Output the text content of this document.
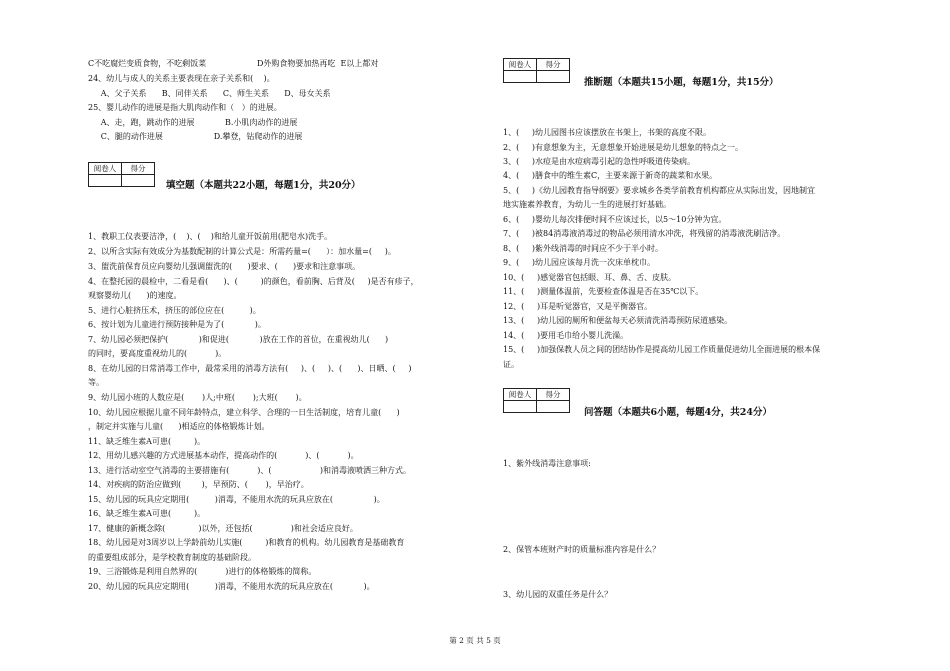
C不吃腐烂变质食物，不吃剩饭菜                    D外购食物要加热再吃  E以上都对
24、幼儿与成人的关系主要表现在亲子关系和(    )。
A、父子关系      B、同伴关系      C、师生关系      D、母女关系
25、婴儿动作的进展是指大肌肉动作和（   ）的进展。
A、走，跑，跳动作的进展            B.小肌肉动作的进展
C、腿的动作进展                    D.攀登，钻爬动作的进展
阅卷人	得分

填空题（本题共22小题，每题1分，共20分）
1、教职工仪表要洁净，(    )、(    )和给儿童开饭前用(肥皂水)洗手。
2、以所含实际有效成分为基数配制的计算公式是：所需药量=(      ）：加水量=(     )。
3、盥洗前保育员应向婴幼儿强调盥洗的(      )要求、(      )要求和注意事项。
4、在整托园的晨检中，二看是看(      )、(         )的颜色，看前胸、后背及(     )是否有疹子，
观察婴幼儿(      )的速度。
5、进行心脏挤压术，挤压的部位应在(          )。
6、按计划为儿童进行预防接种是为了(            )。
7、幼儿园必须把保护(            )和促进(            )放在工作的首位，在重视幼儿(      )
的同时，要高度重视幼儿的(           )。
8、在幼儿园的日常消毒工作中，最常采用的消毒方法有(     )、(     )、(      )、日晒、(     )
等。
9、幼儿园小班的人数应是(       )人;中班(       );大班(       )。
10、幼儿园应根据儿童不同年龄特点，建立科学、合理的一日生活制度，培育儿童(      )
，制定并实施与儿童(      )相适应的体格锻炼计划。
11、缺乏维生素A可患(         )。
12、用幼儿感兴趣的方式进展基本动作，提高动作的(           )、(           )。
13、进行活动室空气消毒的主要措施有(           )、(                   )和消毒液喷洒三种方式。
14、对疾病的防治应做到(        )，早预防、(       )，早治疗。
15、幼儿园的玩具应定期用(          )消毒，不能用水洗的玩具应放在(                )。
16、缺乏维生素A可患(         )。
17、健康的新概念除(             )以外，还包括(               )和社会适应良好。
18、幼儿园是对3周岁以上学龄前幼儿实施(         )和教育的机构。幼儿园教育是基础教育
的重要组成部分，是学校教育制度的基础阶段。
19、三浴锻炼是利用自然界的(           )进行的体格锻炼的简称。
20、幼儿园的玩具应定期用(          )消毒，不能用水洗的玩具应放在(            )。
阅卷人	得分

推断题（本题共15小题，每题1分，共15分）
1、(     )幼儿园图书应该摆放在书架上，书架的高度不限。
2、(     )有意想象为主，无意想象开始进展是幼儿想象的特点之一。
3、(     )水痘是由水痘病毒引起的急性呼吸道传染病。
4、(     )膳食中的维生素C，主要来源于新奇的蔬菜和水果。
5、(     )《幼儿园教育指导纲要》要求城乡各类学前教育机构都应从实际出发，因地制宜
地实施素养教育，为幼儿一生的进展打好基础。
6、(     )婴幼儿每次排便时间不应该过长，以5～10分钟为宜。
7、(     )被84消毒液消毒过的物品必须用清水冲洗，将残留的消毒液洗刷洁净。
8、(     )紫外线消毒的时间应不少于半小时。
9、(     )幼儿园应该每月洗一次床单枕巾。
10、(     )感觉器官包括眼、耳、鼻、舌、皮肤。
11、(     )测量体温前，先要检查体温是否在35℃以下。
12、(     )耳是听觉器官，又是平衡器官。
13、(     )幼儿园的厕所和便盆每天必须清洗消毒预防尿道感染。
14、(     )要用毛巾给小婴儿洗澡。
15、(     )加强保教人员之间的团结协作是提高幼儿园工作质量促进幼儿全面进展的根本保
证。
阅卷人	得分

问答题（本题共6小题，每题4分，共24分）
1、紫外线消毒注意事项:
2、保管本班财产时的质量标准内容是什么？
3、幼儿园的双重任务是什么？
第 2 页 共 5 页
